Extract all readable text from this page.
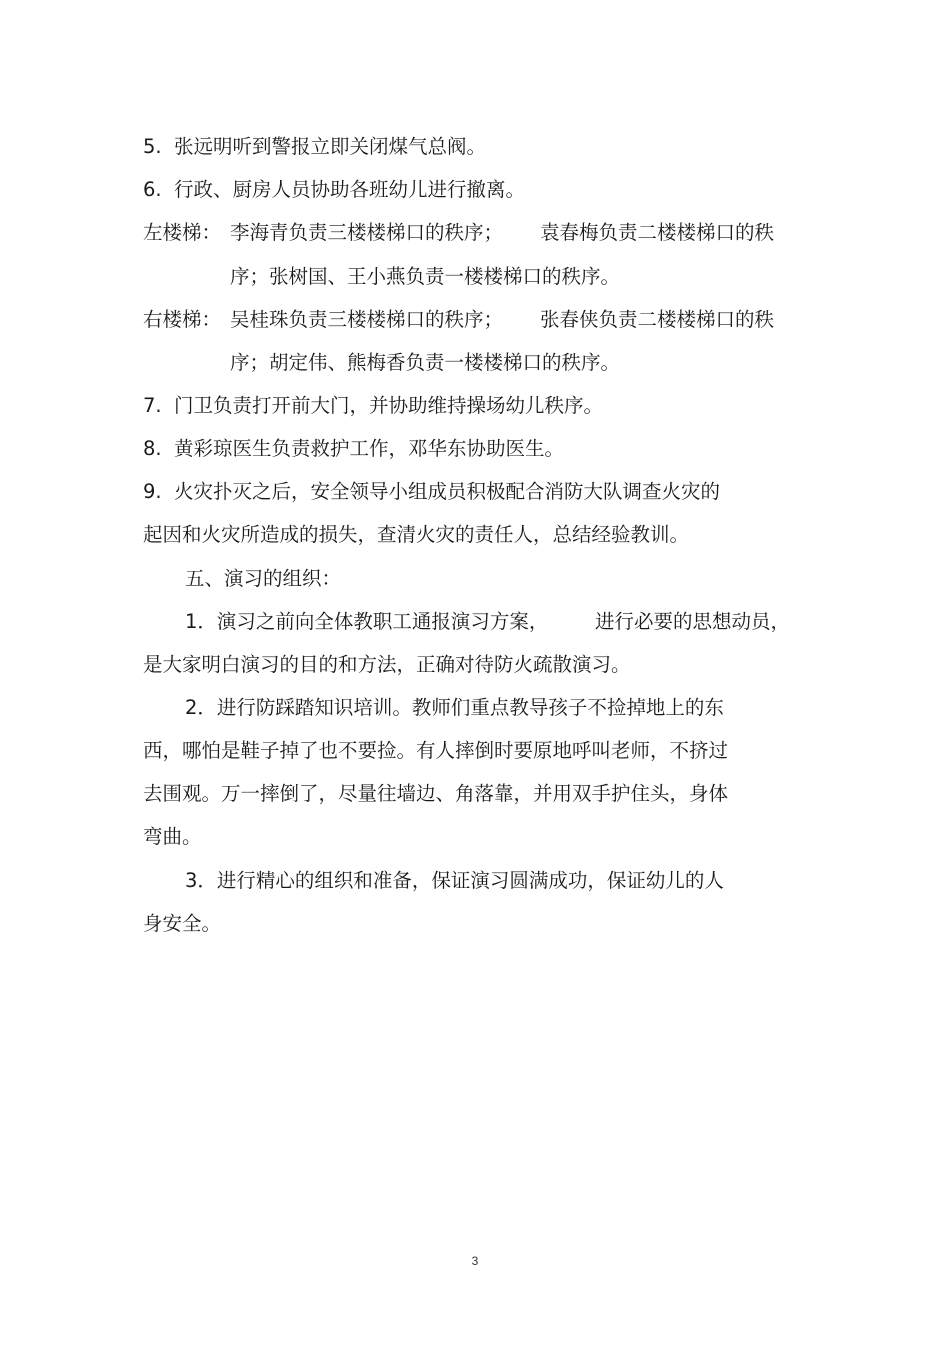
5.  张远明听到警报立即关闭煤气总阀。
6.  行政、厨房人员协助各班幼儿进行撤离。
左楼梯： 李海青负责三楼楼梯口的秩序； 袁春梅负责二楼楼梯口的秩
序；张树国、王小燕负责一楼楼梯口的秩序。
右楼梯： 吴桂珠负责三楼楼梯口的秩序； 张春侠负责二楼楼梯口的秩
序；胡定伟、熊梅香负责一楼楼梯口的秩序。
7.  门卫负责打开前大门，并协助维持操场幼儿秩序。
8.  黄彩琼医生负责救护工作，邓华东协助医生。
9.  火灾扑灭之后，安全领导小组成员积极配合消防大队调查火灾的
起因和火灾所造成的损失，查清火灾的责任人，总结经验教训。
五、演习的组织：
1．演习之前向全体教职工通报演习方案， 进行必要的思想动员，
是大家明白演习的目的和方法，正确对待防火疏散演习。
2．进行防踩踏知识培训。教师们重点教导孩子不捡掉地上的东
西，哪怕是鞋子掉了也不要捡。有人摔倒时要原地呼叫老师，不挤过
去围观。万一摔倒了，尽量往墙边、角落靠，并用双手护住头，身体
弯曲。
3．进行精心的组织和准备，保证演习圆满成功，保证幼儿的人
身安全。
3
